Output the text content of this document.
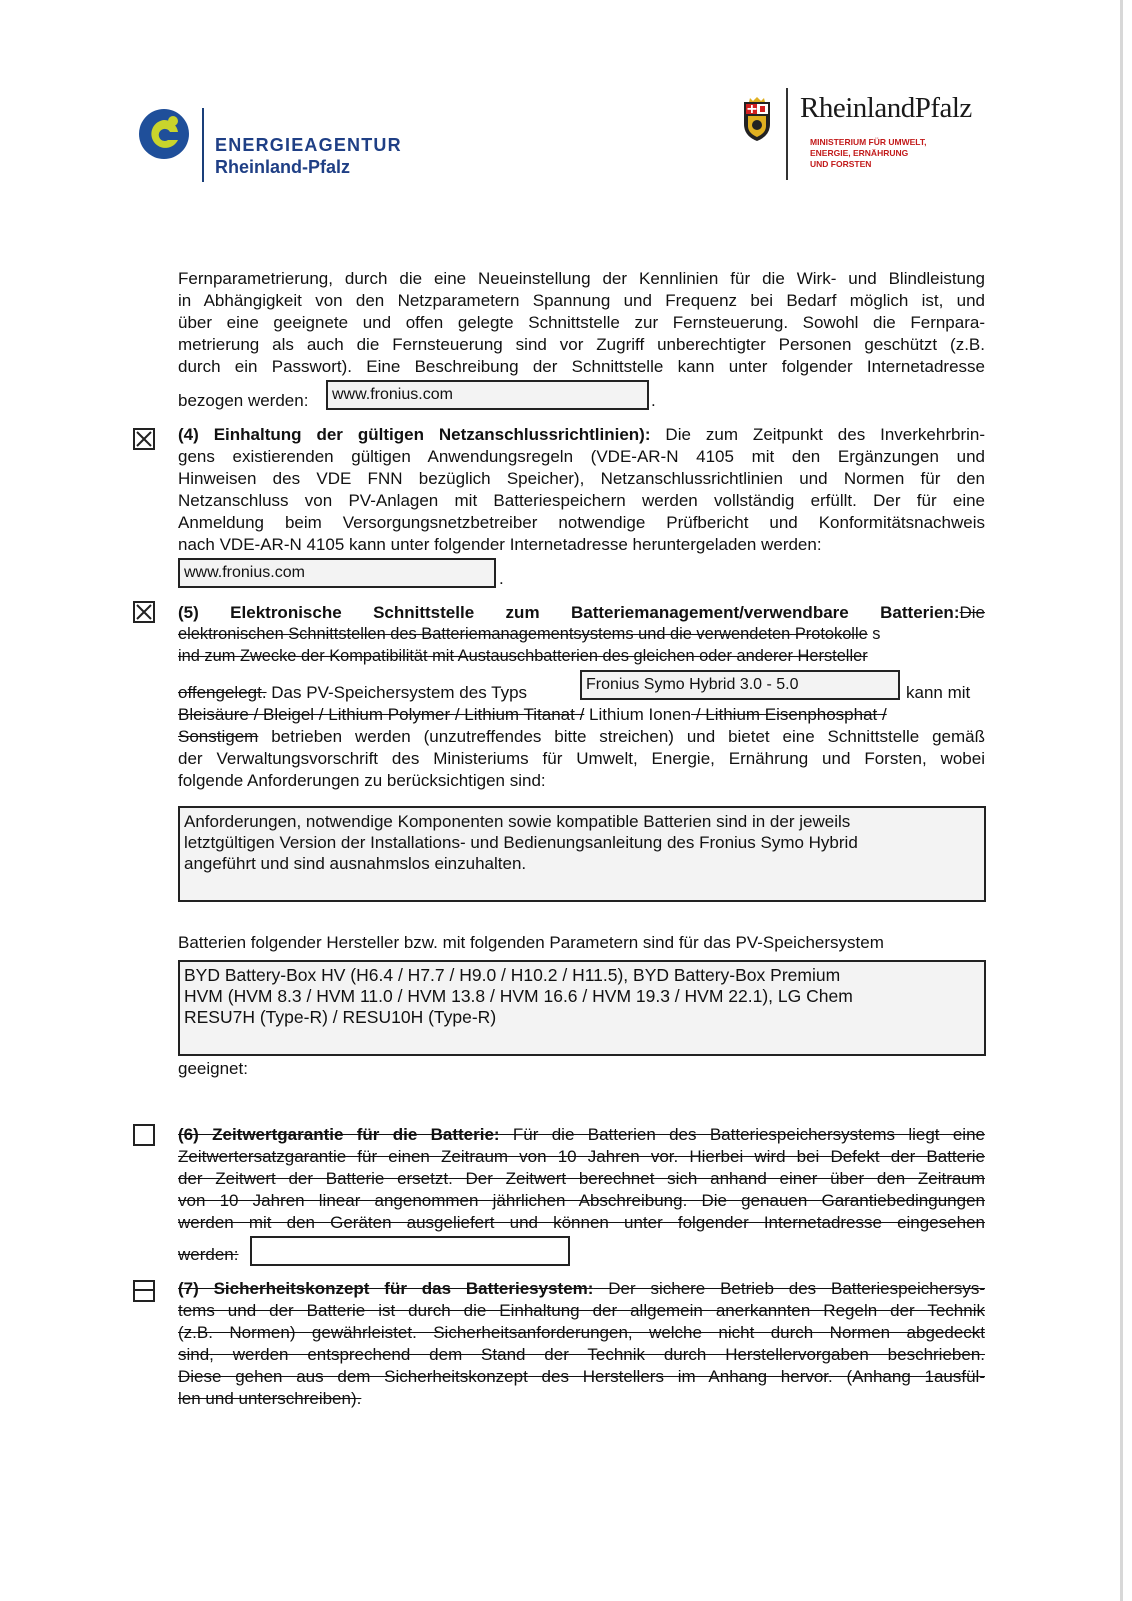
ENERGIEAGENTUR
Rheinland-Pfalz
RheinlandPfalz
MINISTERIUM FÜR UMWELT,
ENERGIE, ERNÄHRUNG
UND FORSTEN
Fernparametrierung, durch die eine Neueinstellung der Kennlinien für die Wirk- und Blindleistung
in Abhängigkeit von den Netzparametern Spannung und Frequenz bei Bedarf möglich ist, und
über eine geeignete und offen gelegte Schnittstelle zur Fernsteuerung. Sowohl die Fernpara-
metrierung als auch die Fernsteuerung sind vor Zugriff unberechtigter Personen geschützt (z.B.
durch ein Passwort). Eine Beschreibung der Schnittstelle kann unter folgender Internetadresse
bezogen werden:	www.fronius.com	.
(4) Einhaltung der gültigen Netzanschlussrichtlinien): Die zum Zeitpunkt des Inverkehrbrin-
gens existierenden gültigen Anwendungsregeln (VDE-AR-N 4105 mit den Ergänzungen und
Hinweisen des VDE FNN bezüglich Speicher), Netzanschlussrichtlinien und Normen für den
Netzanschluss von PV-Anlagen mit Batteriespeichern werden vollständig erfüllt. Der für eine
Anmeldung beim Versorgungsnetzbetreiber notwendige Prüfbericht und Konformitätsnachweis
nach VDE-AR-N 4105 kann unter folgender Internetadresse heruntergeladen werden:
www.fronius.com	.
(5) Elektronische Schnittstelle zum Batteriemanagement/verwendbare Batterien:Die
elektronischen Schnittstellen des Batteriemanagementsystems und die verwendeten Protokolle s
ind zum Zwecke der Kompatibilität mit Austauschbatterien des gleichen oder anderer Hersteller
offengelegt. Das PV-Speichersystem des Typs	Fronius Symo Hybrid 3.0 - 5.0	kann mit
Bleisäure / Bleigel / Lithium Polymer / Lithium Titanat / Lithium Ionen / Lithium Eisenphosphat /
Sonstigem betrieben werden (unzutreffendes bitte streichen) und bietet eine Schnittstelle gemäß
der Verwaltungsvorschrift des Ministeriums für Umwelt, Energie, Ernährung und Forsten, wobei
folgende Anforderungen zu berücksichtigen sind:
Anforderungen, notwendige Komponenten sowie kompatible Batterien sind in der jeweils
letztgültigen Version der Installations- und Bedienungsanleitung des Fronius Symo Hybrid
angeführt und sind ausnahmslos einzuhalten.
Batterien folgender Hersteller bzw. mit folgenden Parametern sind für das PV-Speichersystem
BYD Battery-Box HV (H6.4 / H7.7 / H9.0 / H10.2 / H11.5), BYD Battery-Box Premium
HVM (HVM 8.3 / HVM 11.0 / HVM 13.8 / HVM 16.6 / HVM 19.3 / HVM 22.1), LG Chem
RESU7H (Type-R) / RESU10H (Type-R)
geeignet:
(6) Zeitwertgarantie für die Batterie: Für die Batterien des Batteriespeichersystems liegt eine
Zeitwertersatzgarantie für einen Zeitraum von 10 Jahren vor. Hierbei wird bei Defekt der Batterie
der Zeitwert der Batterie ersetzt. Der Zeitwert berechnet sich anhand einer über den Zeitraum
von 10 Jahren linear angenommen jährlichen Abschreibung. Die genauen Garantiebedingungen
werden mit den Geräten ausgeliefert und können unter folgender Internetadresse eingesehen
werden:
(7) Sicherheitskonzept für das Batteriesystem: Der sichere Betrieb des Batteriespeichersys-
tems und der Batterie ist durch die Einhaltung der allgemein anerkannten Regeln der Technik
(z.B. Normen) gewährleistet. Sicherheitsanforderungen, welche nicht durch Normen abgedeckt
sind, werden entsprechend dem Stand der Technik durch Herstellervorgaben beschrieben.
Diese gehen aus dem Sicherheitskonzept des Herstellers im Anhang hervor. (Anhang 1ausfül-
len und unterschreiben).
